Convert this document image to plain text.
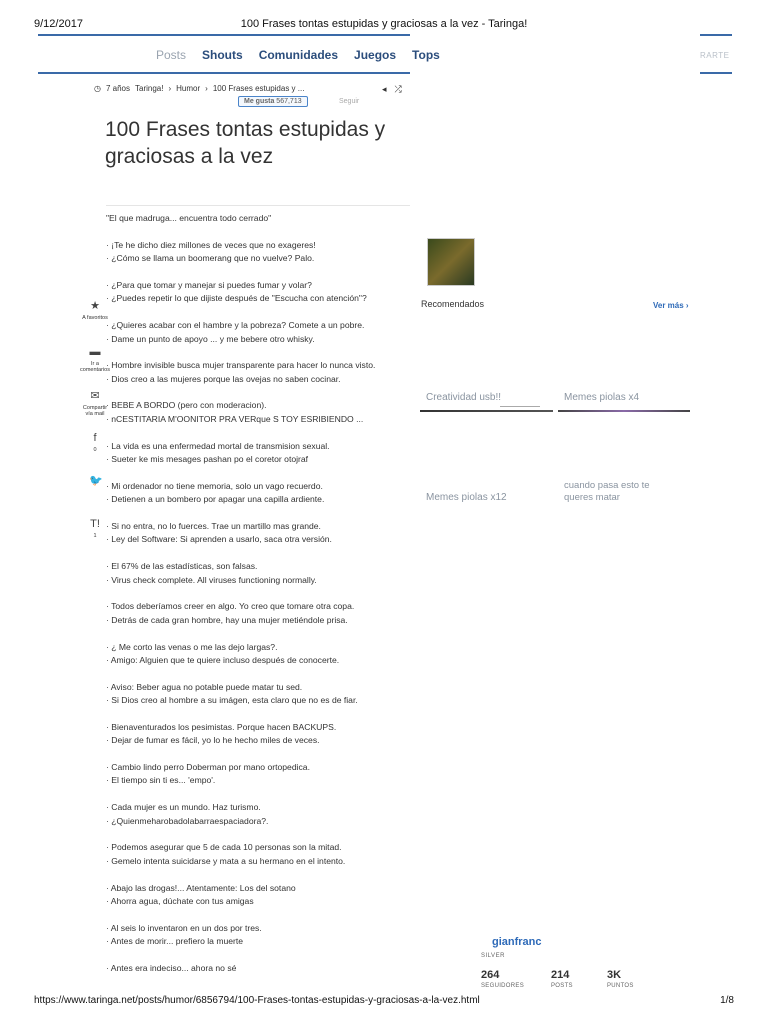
9/12/2017	100 Frases tontas estupidas y graciosas a la vez - Taringa!
Posts Shouts Comunidades Juegos Tops	RARTE
◷ 7 años Taringa! › Humor › 100 Frases estupidas y ...	◂ ⤮
Me gusta 567,713	Seguir
100 Frases tontas estupidas y graciosas a la vez
"El que madruga... encuentra todo cerrado"
· ¡Te he dicho diez millones de veces que no exageres!
· ¿Cómo se llama un boomerang que no vuelve? Palo.
· ¿Para que tomar y manejar si puedes fumar y volar?
· ¿Puedes repetir lo que dijiste después de "Escucha con atención"?
· ¿Quieres acabar con el hambre y la pobreza? Comete a un pobre.
· Dame un punto de apoyo ... y me bebere otro whisky.
· Hombre invisible busca mujer transparente para hacer lo nunca visto.
· Dios creo a las mujeres porque las ovejas no saben cocinar.
· BEBE A BORDO (pero con moderacion).
· nCESTITARIA M'OONITOR PRA VERque S TOY ESRIBIENDO ...
· La vida es una enfermedad mortal de transmision sexual.
· Sueter ke mis mesages pashan po el coretor otojraf
· Mi ordenador no tiene memoria, solo un vago recuerdo.
· Detienen a un bombero por apagar una capilla ardiente.
· Si no entra, no lo fuerces. Trae un martillo mas grande.
· Ley del Software: Si aprenden a usarlo, saca otra versión.
· El 67% de las estadísticas, son falsas.
· Virus check complete. All viruses functioning normally.
· Todos deberíamos creer en algo. Yo creo que tomare otra copa.
· Detrás de cada gran hombre, hay una mujer metiéndole prisa.
· ¿ Me corto las venas o me las dejo largas?.
· Amigo: Alguien que te quiere incluso después de conocerte.
· Aviso: Beber agua no potable puede matar tu sed.
· Si Dios creo al hombre a su imágen, esta claro que no es de fiar.
· Bienaventurados los pesimistas. Porque hacen BACKUPS.
· Dejar de fumar es fácil, yo lo he hecho miles de veces.
· Cambio lindo perro Doberman por mano ortopedica.
· El tiempo sin ti es... 'empo'.
· Cada mujer es un mundo. Haz turismo.
· ¿Quienmeharobadolabarraespaciadora?.
· Podemos asegurar que 5 de cada 10 personas son la mitad.
· Gemelo intenta suicidarse y mata a su hermano en el intento.
· Abajo las drogas!... Atentamente: Los del sotano
· Ahorra agua, dúchate con tus amigas
· Al seis lo inventaron en un dos por tres.
· Antes de morir... prefiero la muerte
· Antes era indeciso... ahora no sé
★
A favoritos
▬
Ir a comentarios
✉
Compartir vía mail
f
0
🐦
T!
1
Recomendados	Ver más ›
Creatividad usb!!	Memes piolas x4
Memes piolas x12
cuando pasa esto te queres matar
gianfranc
SILVER
264
SEGUIDORES
214
POSTS
3K
PUNTOS
https://www.taringa.net/posts/humor/6856794/100-Frases-tontas-estupidas-y-graciosas-a-la-vez.html	1/8
